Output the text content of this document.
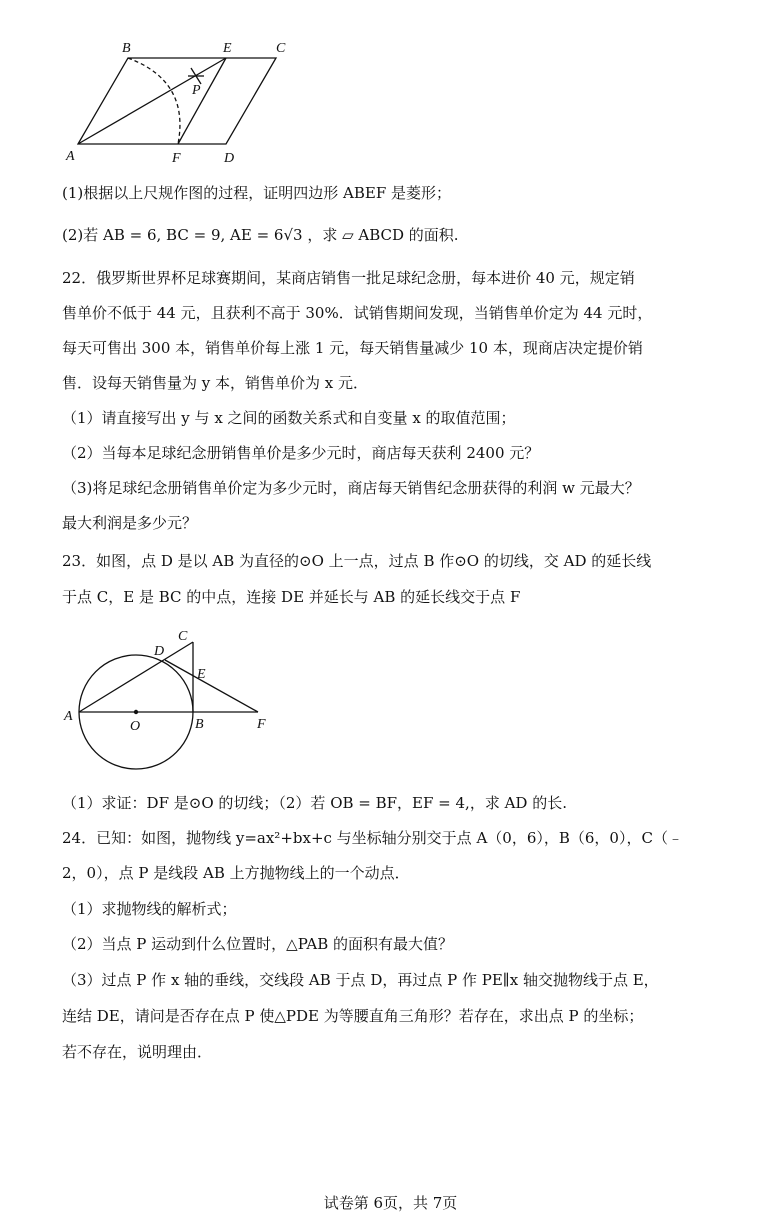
B	E	C
P
A	F	D
(1)根据以上尺规作图的过程，证明四边形 ABEF 是菱形；
(2)若 AB = 6, BC = 9, AE = 6√3 ，求 ▱ ABCD 的面积.
22．俄罗斯世界杯足球赛期间，某商店销售一批足球纪念册，每本进价 40 元，规定销
售单价不低于 44 元，且获利不高于 30%．试销售期间发现，当销售单价定为 44 元时，
每天可售出 300 本，销售单价每上涨 1 元，每天销售量减少 10 本，现商店决定提价销
售．设每天销售量为 y 本，销售单价为 x 元．
（1）请直接写出 y 与 x 之间的函数关系式和自变量 x 的取值范围；
（2）当每本足球纪念册销售单价是多少元时，商店每天获利 2400 元？
（3)将足球纪念册销售单价定为多少元时，商店每天销售纪念册获得的利润 w 元最大？
最大利润是多少元？
23．如图，点 D 是以 AB 为直径的⊙O 上一点，过点 B 作⊙O 的切线，交 AD 的延长线
于点 C，E 是 BC 的中点，连接 DE 并延长与 AB 的延长线交于点 F
C
D
E
A
O	B	F
（1）求证：DF 是⊙O 的切线；（2）若 OB = BF，EF = 4,，求 AD 的长.
24．已知：如图，抛物线 y=ax²+bx+c 与坐标轴分别交于点 A（0，6），B（6，0），C（﹣
2，0），点 P 是线段 AB 上方抛物线上的一个动点．
（1）求抛物线的解析式；
（2）当点 P 运动到什么位置时，△PAB 的面积有最大值？
（3）过点 P 作 x 轴的垂线，交线段 AB 于点 D，再过点 P 作 PE∥x 轴交抛物线于点 E，
连结 DE，请问是否存在点 P 使△PDE 为等腰直角三角形？若存在，求出点 P 的坐标；
若不存在，说明理由．
试卷第 6页，共 7页
